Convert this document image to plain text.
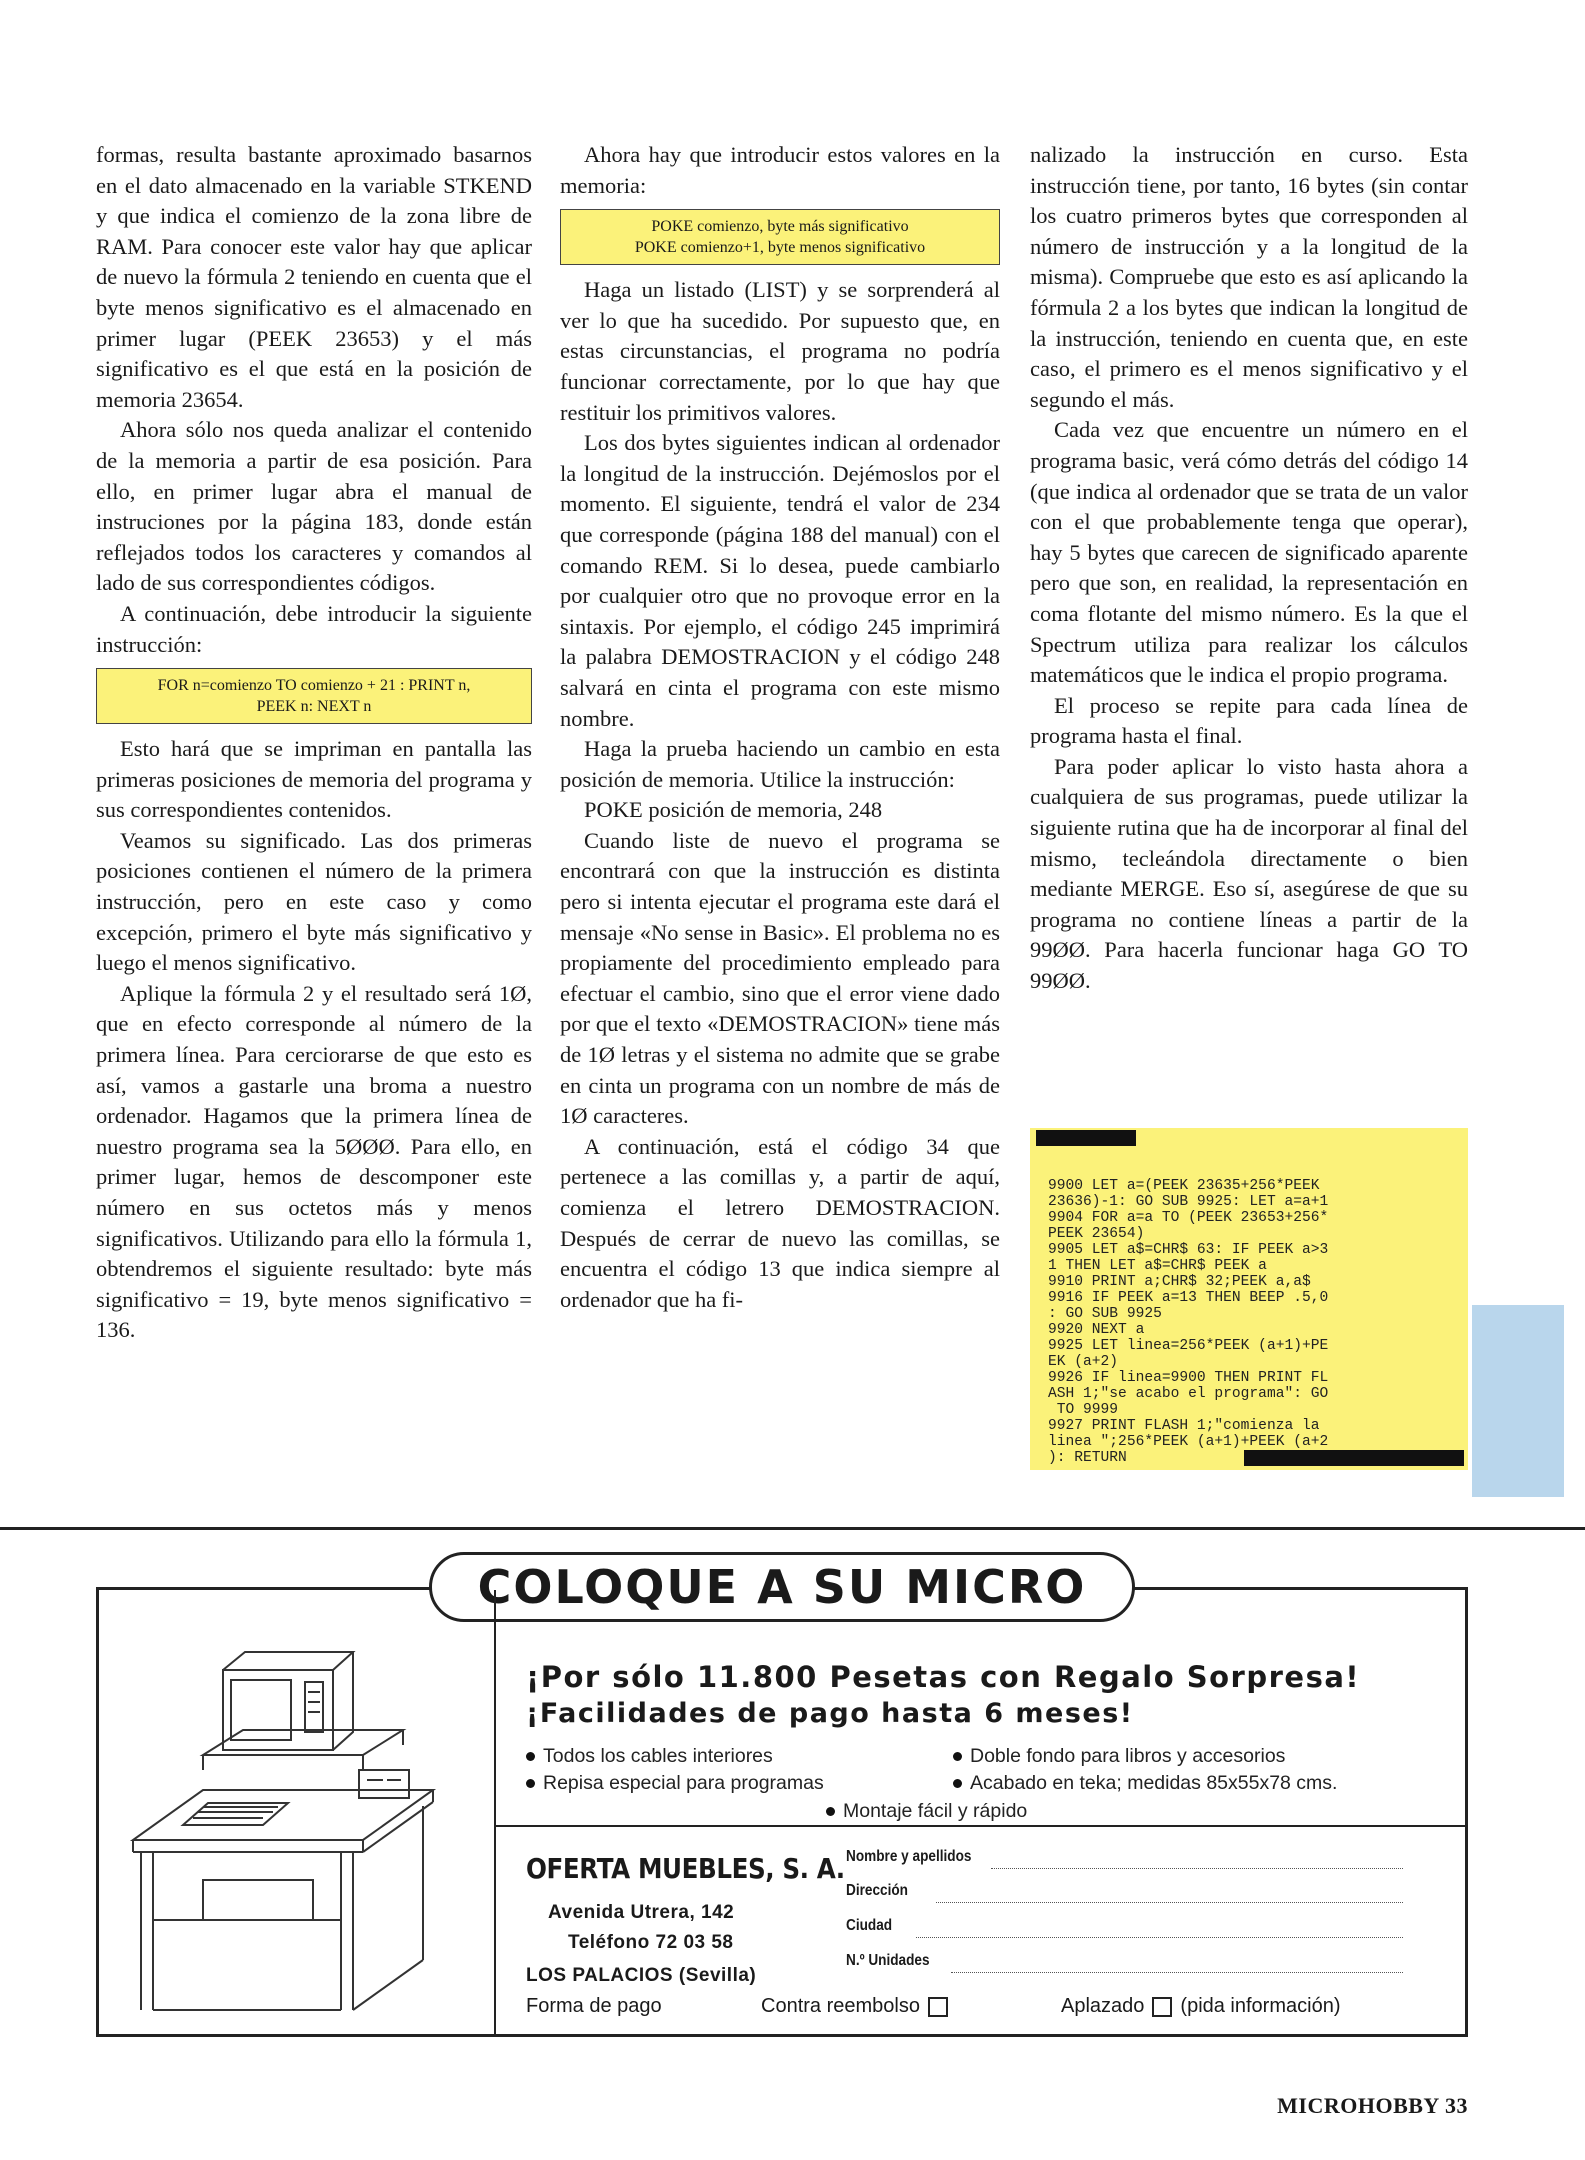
formas, resulta bastante aproximado basarnos en el dato almacenado en la variable STKEND y que indica el comienzo de la zona libre de RAM. Para conocer este valor hay que aplicar de nuevo la fórmula 2 teniendo en cuenta que el byte menos significativo es el almacenado en primer lugar (PEEK 23653) y el más significativo es el que está en la posición de memoria 23654.

Ahora sólo nos queda analizar el contenido de la memoria a partir de esa posición. Para ello, en primer lugar abra el manual de instruciones por la página 183, donde están reflejados todos los caracteres y comandos al lado de sus correspondientes códigos.

A continuación, debe introducir la siguiente instrucción:

FOR n=comienzo TO comienzo + 21 : PRINT n,
PEEK n: NEXT n

Esto hará que se impriman en pantalla las primeras posiciones de memoria del programa y sus correspondientes contenidos.

Veamos su significado. Las dos primeras posiciones contienen el número de la primera instrucción, pero en este caso y como excepción, primero el byte más significativo y luego el menos significativo.

Aplique la fórmula 2 y el resultado será 1Ø, que en efecto corresponde al número de la primera línea. Para cerciorarse de que esto es así, vamos a gastarle una broma a nuestro ordenador. Hagamos que la primera línea de nuestro programa sea la 5ØØØ. Para ello, en primer lugar, hemos de descomponer este número en sus octetos más y menos significativos. Utilizando para ello la fórmula 1, obtendremos el siguiente resultado: byte más significativo = 19, byte menos significativo = 136.

Ahora hay que introducir estos valores en la memoria:

POKE comienzo, byte más significativo
POKE comienzo+1, byte menos significativo

Haga un listado (LIST) y se sorprenderá al ver lo que ha sucedido. Por supuesto que, en estas circunstancias, el programa no podría funcionar correctamente, por lo que hay que restituir los primitivos valores.

Los dos bytes siguientes indican al ordenador la longitud de la instrucción. Dejémoslos por el momento. El siguiente, tendrá el valor de 234 que corresponde (página 188 del manual) con el comando REM. Si lo desea, puede cambiarlo por cualquier otro que no provoque error en la sintaxis. Por ejemplo, el código 245 imprimirá la palabra DEMOSTRACION y el código 248 salvará en cinta el programa con este mismo nombre.

Haga la prueba haciendo un cambio en esta posición de memoria. Utilice la instrucción:

POKE posición de memoria, 248

Cuando liste de nuevo el programa se encontrará con que la instrucción es distinta pero si intenta ejecutar el programa este dará el mensaje «No sense in Basic». El problema no es propiamente del procedimiento empleado para efectuar el cambio, sino que el error viene dado por que el texto «DEMOSTRACION» tiene más de 1Ø letras y el sistema no admite que se grabe en cinta un programa con un nombre de más de 1Ø caracteres.

A continuación, está el código 34 que pertenece a las comillas y, a partir de aquí, comienza el letrero DEMOSTRACION. Después de cerrar de nuevo las comillas, se encuentra el código 13 que indica siempre al ordenador que ha fi-

nalizado la instrucción en curso. Esta instrucción tiene, por tanto, 16 bytes (sin contar los cuatro primeros bytes que corresponden al número de instrucción y a la longitud de la misma). Compruebe que esto es así aplicando la fórmula 2 a los bytes que indican la longitud de la instrucción, teniendo en cuenta que, en este caso, el primero es el menos significativo y el segundo el más.

Cada vez que encuentre un número en el programa basic, verá cómo detrás del código 14 (que indica al ordenador que se trata de un valor con el que probablemente tenga que operar), hay 5 bytes que carecen de significado aparente pero que son, en realidad, la representación en coma flotante del mismo número. Es la que el Spectrum utiliza para realizar los cálculos matemáticos que le indica el propio programa.

El proceso se repite para cada línea de programa hasta el final.

Para poder aplicar lo visto hasta ahora a cualquiera de sus programas, puede utilizar la siguiente rutina que ha de incorporar al final del mismo, tecleándola directamente o bien mediante MERGE. Eso sí, asegúrese de que su programa no contiene líneas a partir de la 99ØØ. Para hacerla funcionar haga GO TO 99ØØ.

9900 LET a=(PEEK 23635+256*PEEK
23636)-1: GO SUB 9925: LET a=a+1
9904 FOR a=a TO (PEEK 23653+256*
PEEK 23654)
9905 LET a$=CHR$ 63: IF PEEK a>3
1 THEN LET a$=CHR$ PEEK a
9910 PRINT a;CHR$ 32;PEEK a,a$
9916 IF PEEK a=13 THEN BEEP .5,0
: GO SUB 9925
9920 NEXT a
9925 LET linea=256*PEEK (a+1)+PE
EK (a+2)
9926 IF linea=9900 THEN PRINT FL
ASH 1;"se acabo el programa": GO
TO 9999
9927 PRINT FLASH 1;"comienza la
linea ";256*PEEK (a+1)+PEEK (a+2
): RETURN
COLOQUE A SU MICRO
¡Por sólo 11.800 Pesetas con Regalo Sorpresa!
¡Facilidades de pago hasta 6 meses!
Todos los cables interiores	Doble fondo para libros y accesorios
Repisa especial para programas	Acabado en teka; medidas 85x55x78 cms.
Montaje fácil y rápido
OFERTA MUEBLES, S. A.
Avenida Utrera, 142
Teléfono 72 03 58
LOS PALACIOS (Sevilla)
Nombre y apellidos
Dirección
Ciudad
N.º Unidades
Forma de pago	Contra reembolso	Aplazado (pida información)
MICROHOBBY 33
